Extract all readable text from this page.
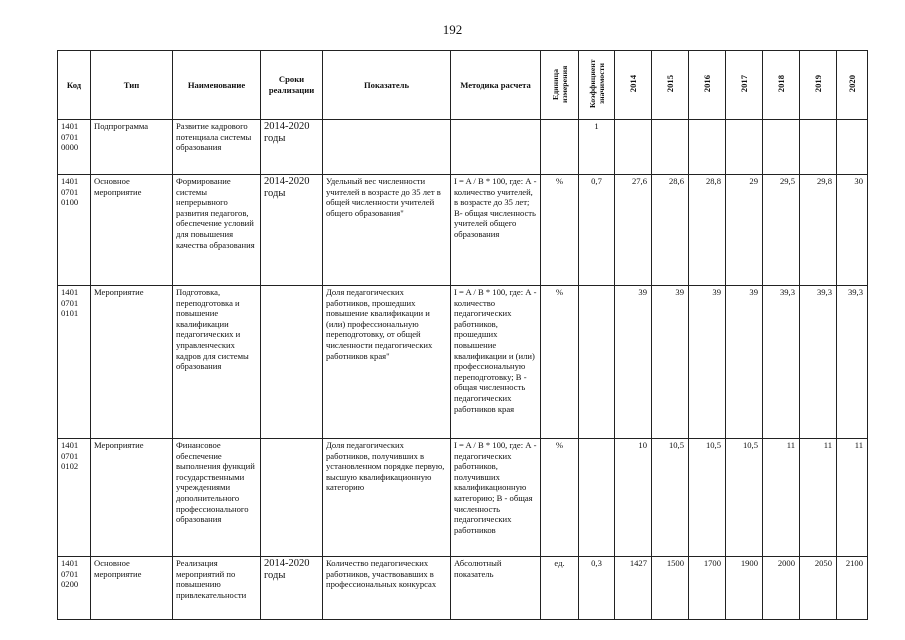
192
Код	Тип	Наименование	Сроки реализации	Показатель	Методика расчета	Единица измерения	Коэффициент значимости	2014	2015	2016	2017	2018	2019	2020
1401 0701 0000	Подпрограмма	Развитие кадрового потенциала системы образования	2014-2020 годы				1							
1401 0701 0100	Основное мероприятие	Формирование системы непрерывного развития педагогов, обеспечение условий для повышения качества образования	2014-2020 годы	Удельный вес численности учителей в возрасте до 35 лет в общей численности учителей общего образования"	I = A / B * 100, где: А - количество учителей, в возрасте до 35 лет; B- общая численность учителей общего образования	%	0,7	27,6	28,6	28,8	29	29,5	29,8	30
1401 0701 0101	Мероприятие	Подготовка, переподготовка и повышение квалификации педагогических и управленческих кадров для системы образования		Доля педагогических работников, прошедших повышение квалификации и (или) профессиональную переподготовку, от общей численности педагогических работников края"	I = A / B * 100, где: А - количество педагогических работников, прошедших повышение квалификации и (или) профессиональную переподготовку; B - общая численность педагогических работников края	%		39	39	39	39	39,3	39,3	39,3
1401 0701 0102	Мероприятие	Финансовое обеспечение выполнения функций государственными учреждениями дополнительного профессионального образования		Доля педагогических работников, получивших в установленном порядке первую, высшую квалификационную категорию	I = A / B * 100, где: А - педагогических работников, получивших квалификационную категорию; B - общая численность педагогических работников	%		10	10,5	10,5	10,5	11	11	11
1401 0701 0200	Основное мероприятие	Реализация мероприятий по повышению привлекательности	2014-2020 годы	Количество педагогических работников, участвовавших в профессиональных конкурсах	Абсолютный показатель	ед.	0,3	1427	1500	1700	1900	2000	2050	2100
